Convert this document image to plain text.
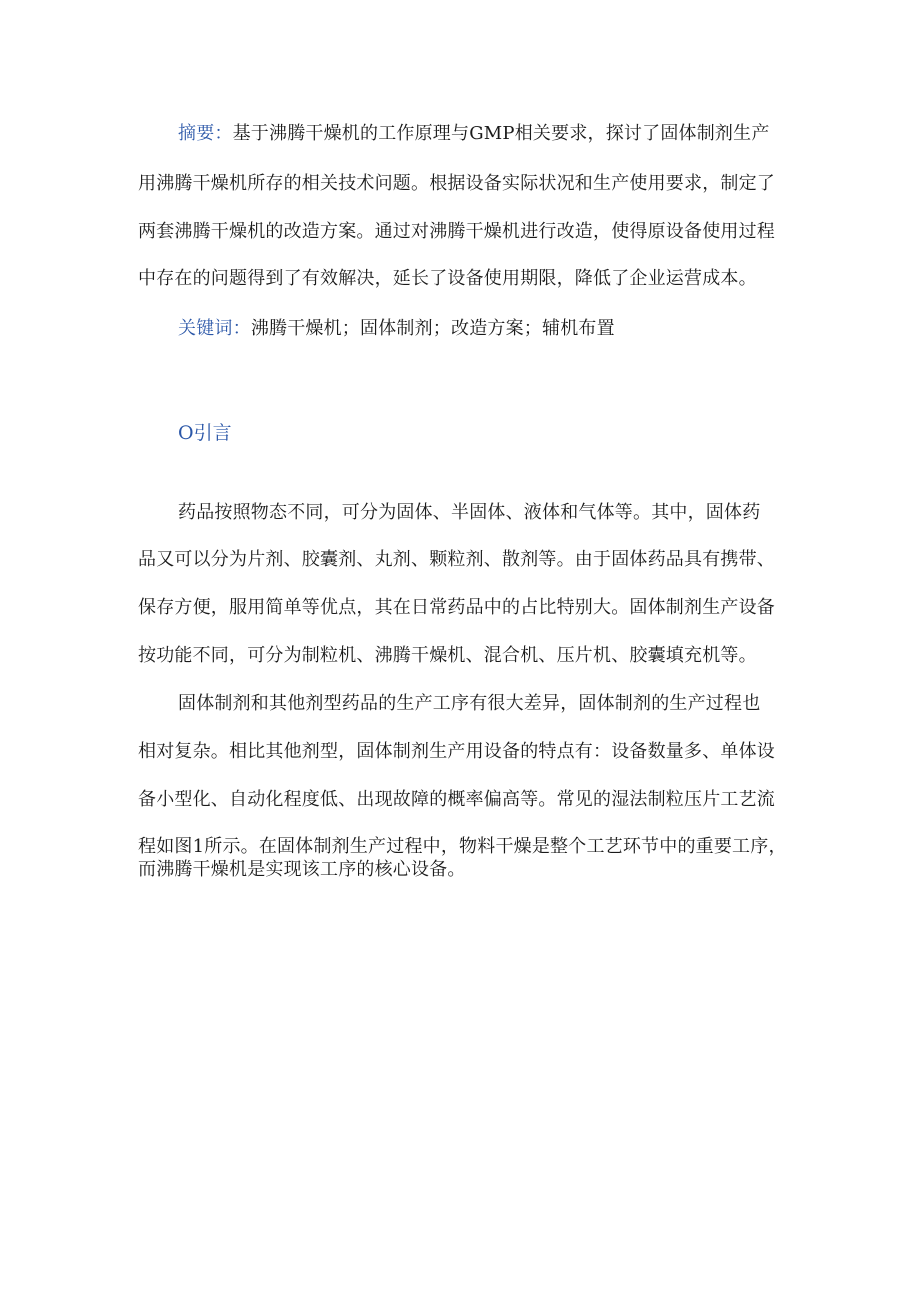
摘要：基于沸腾干燥机的工作原理与GMP相关要求，探讨了固体制剂生产
用沸腾干燥机所存的相关技术问题。根据设备实际状况和生产使用要求，制定了
两套沸腾干燥机的改造方案。通过对沸腾干燥机进行改造，使得原设备使用过程
中存在的问题得到了有效解决，延长了设备使用期限，降低了企业运营成本。
关键词：沸腾干燥机；固体制剂；改造方案；辅机布置
O引言
药品按照物态不同，可分为固体、半固体、液体和气体等。其中，固体药
品又可以分为片剂、胶囊剂、丸剂、颗粒剂、散剂等。由于固体药品具有携带、
保存方便，服用简单等优点，其在日常药品中的占比特别大。固体制剂生产设备
按功能不同，可分为制粒机、沸腾干燥机、混合机、压片机、胶囊填充机等。
固体制剂和其他剂型药品的生产工序有很大差异，固体制剂的生产过程也
相对复杂。相比其他剂型，固体制剂生产用设备的特点有：设备数量多、单体设
备小型化、自动化程度低、出现故障的概率偏高等。常见的湿法制粒压片工艺流
程如图1所示。在固体制剂生产过程中，物料干燥是整个工艺环节中的重要工序，
而沸腾干燥机是实现该工序的核心设备。
